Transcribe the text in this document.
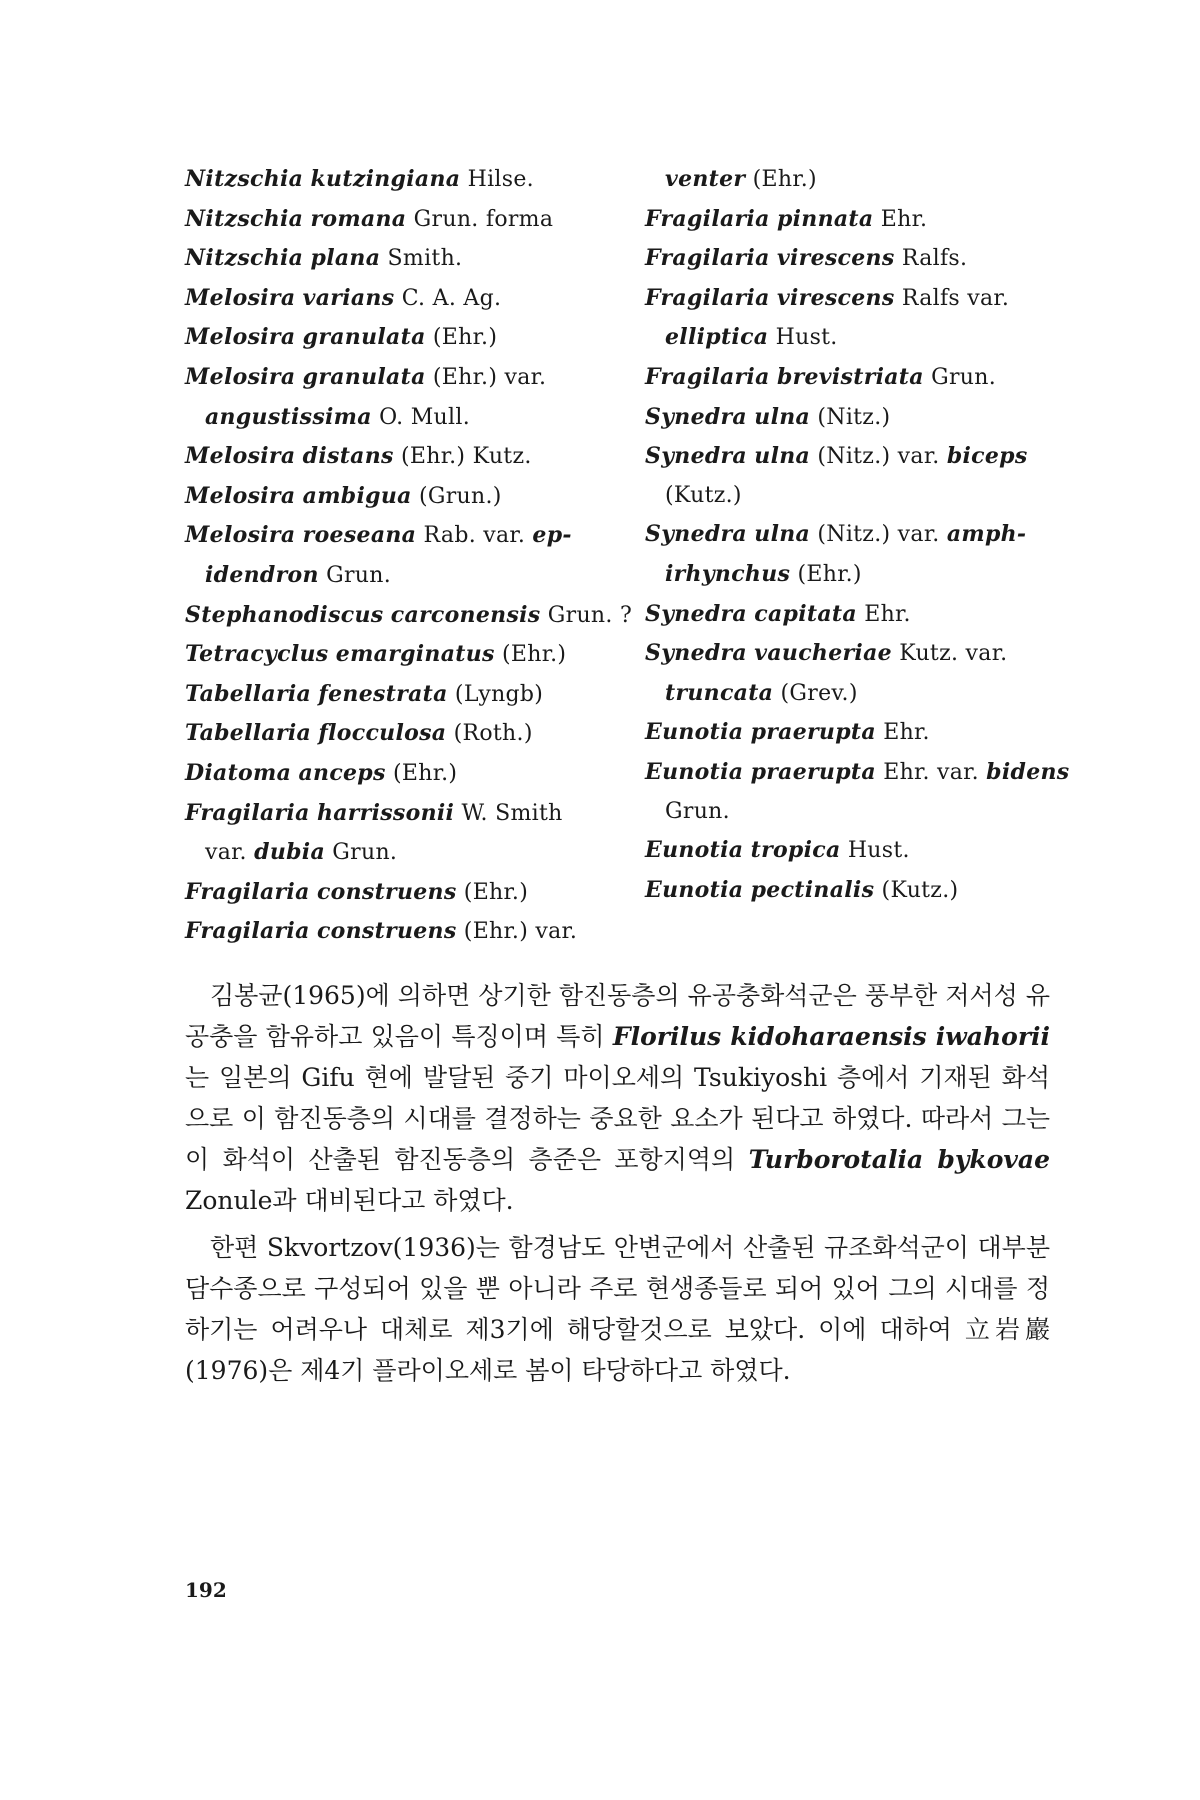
Nitzschia kutzingiana Hilse.
Nitzschia romana Grun. forma
Nitzschia plana Smith.
Melosira varians C. A. Ag.
Melosira granulata (Ehr.)
Melosira granulata (Ehr.) var.
angustissima O. Mull.
Melosira distans (Ehr.) Kutz.
Melosira ambigua (Grun.)
Melosira roeseana Rab. var. ep-
idendron Grun.
Stephanodiscus carconensis Grun. ?
Tetracyclus emarginatus (Ehr.)
Tabellaria fenestrata (Lyngb)
Tabellaria flocculosa (Roth.)
Diatoma anceps (Ehr.)
Fragilaria harrissonii W. Smith
var. dubia Grun.
Fragilaria construens (Ehr.)
Fragilaria construens (Ehr.) var.
venter (Ehr.)
Fragilaria pinnata Ehr.
Fragilaria virescens Ralfs.
Fragilaria virescens Ralfs var.
elliptica Hust.
Fragilaria brevistriata Grun.
Synedra ulna (Nitz.)
Synedra ulna (Nitz.) var. biceps
(Kutz.)
Synedra ulna (Nitz.) var. amph-
irhynchus (Ehr.)
Synedra capitata Ehr.
Synedra vaucheriae Kutz. var.
truncata (Grev.)
Eunotia praerupta Ehr.
Eunotia praerupta Ehr. var. bidens
Grun.
Eunotia tropica Hust.
Eunotia pectinalis (Kutz.)

김봉균(1965)에 의하면 상기한 함진동층의 유공충화석군은 풍부한 저서성 유공충을 함유하고 있음이 특징이며 특히 Florilus kidoharaensis iwahorii는 일본의 Gifu 현에 발달된 중기 마이오세의 Tsukiyoshi 층에서 기재된 화석으로 이 함진동층의 시대를 결정하는 중요한 요소가 된다고 하였다. 따라서 그는 이 화석이 산출된 함진동층의 층준은 포항지역의 Turborotalia bykovae Zonule과 대비된다고 하였다.

한편 Skvortzov(1936)는 함경남도 안변군에서 산출된 규조화석군이 대부분 담수종으로 구성되어 있을 뿐 아니라 주로 현생종들로 되어 있어 그의 시대를 정하기는 어려우나 대체로 제3기에 해당할것으로 보았다. 이에 대하여 立岩巖(1976)은 제4기 플라이오세로 봄이 타당하다고 하였다.

192
